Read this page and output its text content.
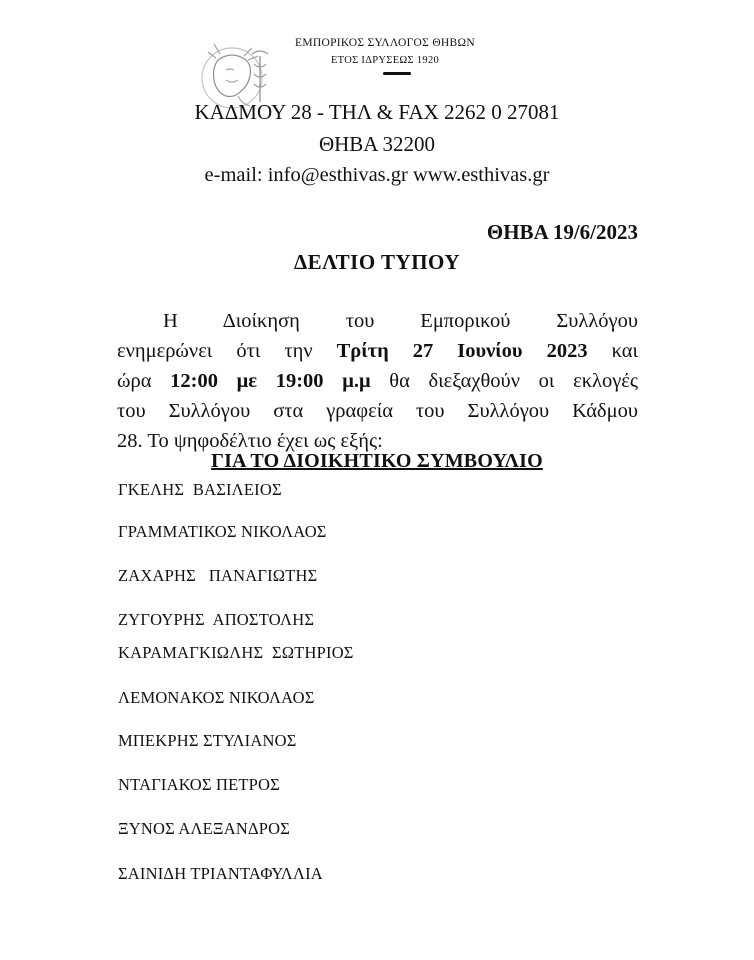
ΕΜΠΟΡΙΚΟΣ ΣΥΛΛΟΓΟΣ ΘΗΒΩΝ
ΕΤΟΣ ΙΔΡΥΣΕΩΣ 1920
ΚΑΔΜΟΥ 28 - ΤΗΛ & FAX 2262 0 27081
ΘΗΒΑ 32200
e-mail: info@esthivas.gr www.esthivas.gr
ΘΗΒΑ 19/6/2023
ΔΕΛΤΙΟ ΤΥΠΟΥ
Η Διοίκηση του Εμπορικού Συλλόγου
ενημερώνει ότι την Τρίτη 27 Ιουνίου 2023 και
ώρα 12:00 με 19:00 μ.μ θα διεξαχθούν οι εκλογές
του Συλλόγου στα γραφεία του Συλλόγου Κάδμου
28. Το ψηφοδέλτιο έχει ως εξής:
ΓΙΑ ΤΟ ΔΙΟΙΚΗΤΙΚΟ ΣΥΜΒΟΥΛΙΟ
ΓΚΕΛΗΣ  ΒΑΣΙΛΕΙΟΣ
ΓΡΑΜΜΑΤΙΚΟΣ ΝΙΚΟΛΑΟΣ
ΖΑΧΑΡΗΣ   ΠΑΝΑΓΙΩΤΗΣ
ΖΥΓΟΥΡΗΣ  ΑΠΟΣΤΟΛΗΣ
ΚΑΡΑΜΑΓΚΙΩΛΗΣ  ΣΩΤΗΡΙΟΣ
ΛΕΜΟΝΑΚΟΣ ΝΙΚΟΛΑΟΣ
ΜΠΕΚΡΗΣ ΣΤΥΛΙΑΝΟΣ
ΝΤΑΓΙΑΚΟΣ ΠΕΤΡΟΣ
ΞΥΝΟΣ ΑΛΕΞΑΝΔΡΟΣ
ΣΑΙΝΙΔΗ ΤΡΙΑΝΤΑΦΥΛΛΙΑ
